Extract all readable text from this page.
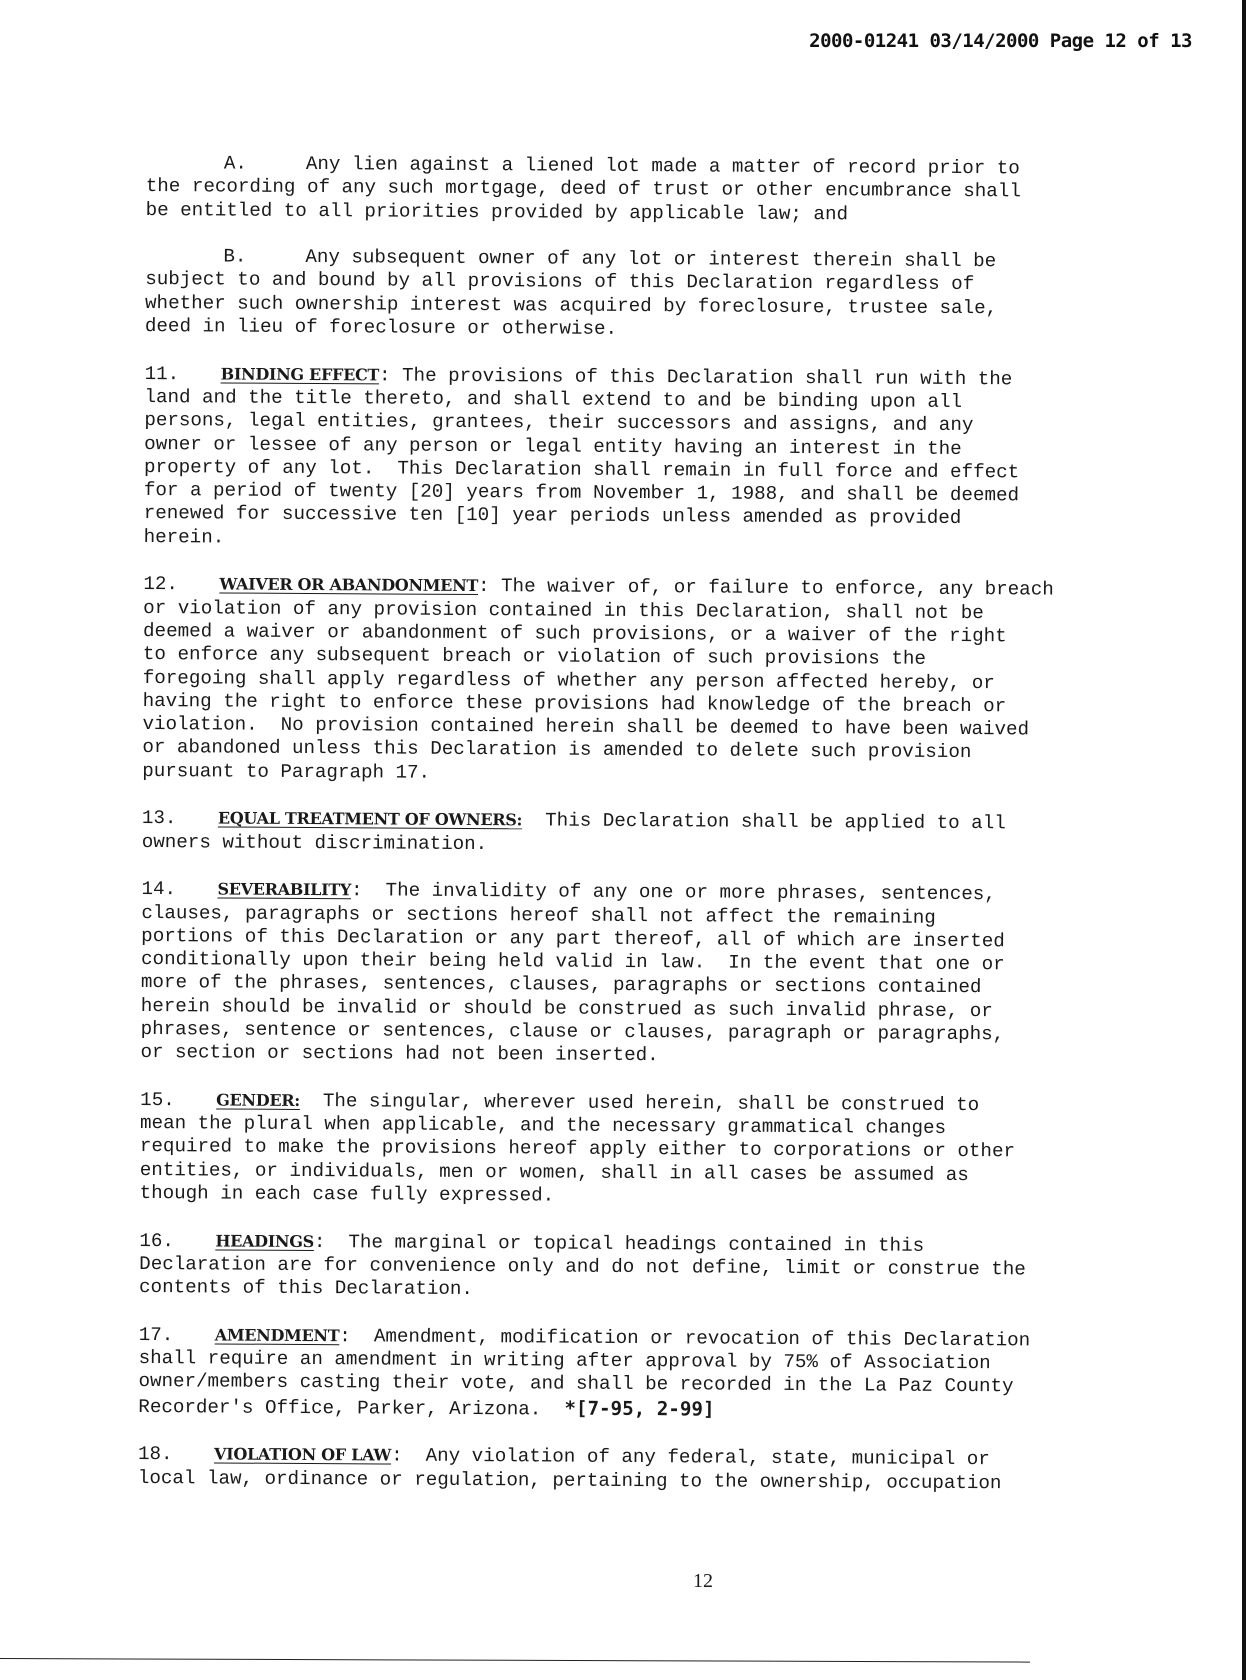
2000-01241 03/14/2000 Page 12 of 13

A.	Any lien against a liened lot made a matter of record prior to
the recording of any such mortgage, deed of trust or other encumbrance shall
be entitled to all priorities provided by applicable law; and

B.	Any subsequent owner of any lot or interest therein shall be
subject to and bound by all provisions of this Declaration regardless of
whether such ownership interest was acquired by foreclosure, trustee sale,
deed in lieu of foreclosure or otherwise.

11.	BINDING EFFECT: The provisions of this Declaration shall run with the
land and the title thereto, and shall extend to and be binding upon all
persons, legal entities, grantees, their successors and assigns, and any
owner or lessee of any person or legal entity having an interest in the
property of any lot.  This Declaration shall remain in full force and effect
for a period of twenty [20] years from November 1, 1988, and shall be deemed
renewed for successive ten [10] year periods unless amended as provided
herein.

12.	WAIVER OR ABANDONMENT: The waiver of, or failure to enforce, any breach
or violation of any provision contained in this Declaration, shall not be
deemed a waiver or abandonment of such provisions, or a waiver of the right
to enforce any subsequent breach or violation of such provisions the
foregoing shall apply regardless of whether any person affected hereby, or
having the right to enforce these provisions had knowledge of the breach or
violation.  No provision contained herein shall be deemed to have been waived
or abandoned unless this Declaration is amended to delete such provision
pursuant to Paragraph 17.

13.	EQUAL TREATMENT OF OWNERS: This Declaration shall be applied to all
owners without discrimination.

14.	SEVERABILITY:  The invalidity of any one or more phrases, sentences,
clauses, paragraphs or sections hereof shall not affect the remaining
portions of this Declaration or any part thereof, all of which are inserted
conditionally upon their being held valid in law.  In the event that one or
more of the phrases, sentences, clauses, paragraphs or sections contained
herein should be invalid or should be construed as such invalid phrase, or
phrases, sentence or sentences, clause or clauses, paragraph or paragraphs,
or section or sections had not been inserted.

15.	GENDER: The singular, wherever used herein, shall be construed to
mean the plural when applicable, and the necessary grammatical changes
required to make the provisions hereof apply either to corporations or other
entities, or individuals, men or women, shall in all cases be assumed as
though in each case fully expressed.

16.	HEADINGS:  The marginal or topical headings contained in this
Declaration are for convenience only and do not define, limit or construe the
contents of this Declaration.

17.	AMENDMENT:  Amendment, modification or revocation of this Declaration
shall require an amendment in writing after approval by 75% of Association
owner/members casting their vote, and shall be recorded in the La Paz County
Recorder's Office, Parker, Arizona.  *[7-95, 2-99]

18.	VIOLATION OF LAW:  Any violation of any federal, state, municipal or
local law, ordinance or regulation, pertaining to the ownership, occupation

12
